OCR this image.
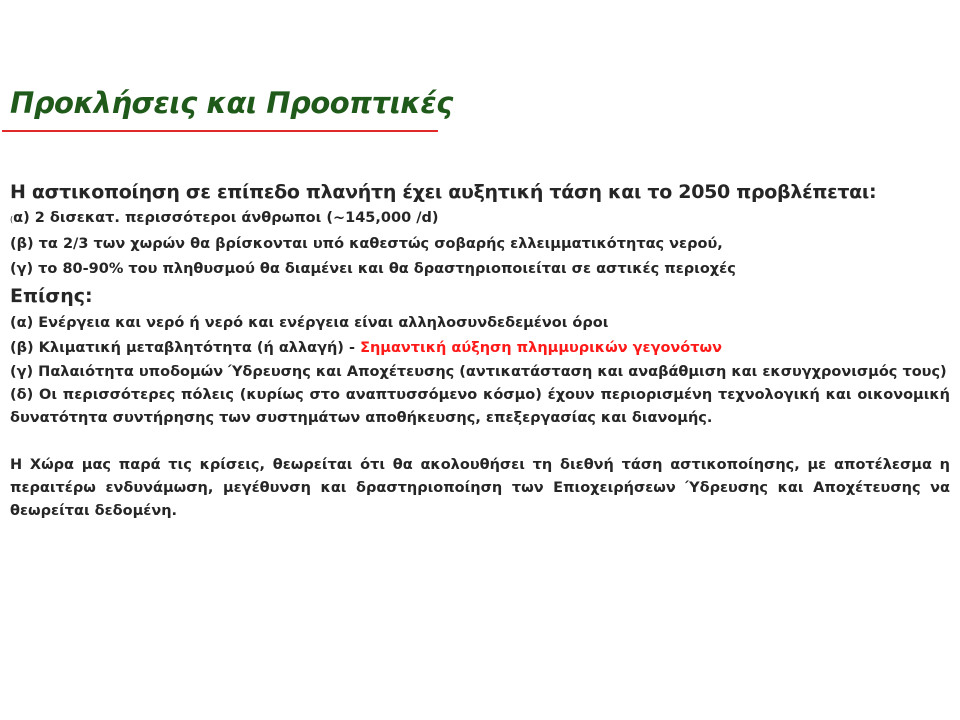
Προκλήσεις και Προοπτικές
Η αστικοποίηση σε επίπεδο πλανήτη έχει αυξητική τάση και το 2050 προβλέπεται:
(α) 2 δισεκατ. περισσότεροι άνθρωποι (~145,000 /d)
(β) τα 2/3 των χωρών θα βρίσκονται υπό καθεστώς σοβαρής ελλειμματικότητας νερού,
(γ) το 80-90% του πληθυσμού θα διαμένει και θα δραστηριοποιείται σε αστικές περιοχές
Επίσης:
(α) Ενέργεια και νερό ή νερό και ενέργεια είναι αλληλοσυνδεδεμένοι όροι
(β) Κλιματική μεταβλητότητα (ή αλλαγή) - Σημαντική αύξηση πλημμυρικών γεγονότων
(γ) Παλαιότητα υποδομών Ύδρευσης και Αποχέτευσης (αντικατάσταση και αναβάθμιση και εκσυγχρονισμός τους)
(δ) Οι περισσότερες πόλεις (κυρίως στο αναπτυσσόμενο κόσμο) έχουν περιορισμένη τεχνολογική και οικονομική δυνατότητα συντήρησης των συστημάτων αποθήκευσης, επεξεργασίας και διανομής.
Η Χώρα μας παρά τις κρίσεις, θεωρείται ότι θα ακολουθήσει τη διεθνή τάση αστικοποίησης, με αποτέλεσμα η περαιτέρω ενδυνάμωση, μεγέθυνση και δραστηριοποίηση των Επιοχειρήσεων Ύδρευσης και Αποχέτευσης να θεωρείται δεδομένη.
